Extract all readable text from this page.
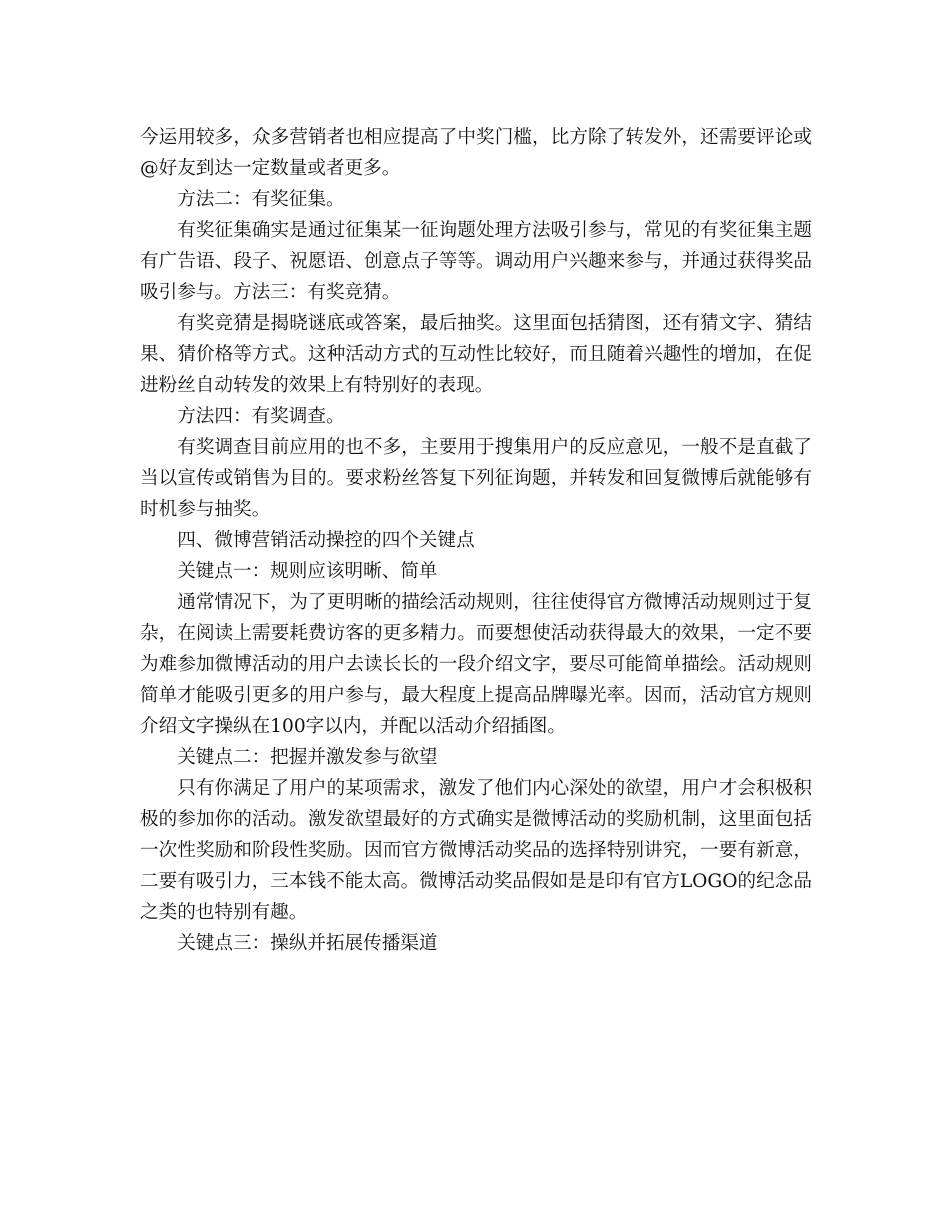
今运用较多，众多营销者也相应提高了中奖门槛，比方除了转发外，还需要评论或@好友到达一定数量或者更多。

方法二：有奖征集。

有奖征集确实是通过征集某一征询题处理方法吸引参与，常见的有奖征集主题有广告语、段子、祝愿语、创意点子等等。调动用户兴趣来参与，并通过获得奖品吸引参与。方法三：有奖竞猜。

有奖竞猜是揭晓谜底或答案，最后抽奖。这里面包括猜图，还有猜文字、猜结果、猜价格等方式。这种活动方式的互动性比较好，而且随着兴趣性的增加，在促进粉丝自动转发的效果上有特别好的表现。

方法四：有奖调查。

有奖调查目前应用的也不多，主要用于搜集用户的反应意见，一般不是直截了当以宣传或销售为目的。要求粉丝答复下列征询题，并转发和回复微博后就能够有时机参与抽奖。

四、微博营销活动操控的四个关键点

关键点一：规则应该明晰、简单

通常情况下，为了更明晰的描绘活动规则，往往使得官方微博活动规则过于复杂，在阅读上需要耗费访客的更多精力。而要想使活动获得最大的效果，一定不要为难参加微博活动的用户去读长长的一段介绍文字，要尽可能简单描绘。活动规则简单才能吸引更多的用户参与，最大程度上提高品牌曝光率。因而，活动官方规则介绍文字操纵在100字以内，并配以活动介绍插图。

关键点二：把握并激发参与欲望

只有你满足了用户的某项需求，激发了他们内心深处的欲望，用户才会积极积极的参加你的活动。激发欲望最好的方式确实是微博活动的奖励机制，这里面包括一次性奖励和阶段性奖励。因而官方微博活动奖品的选择特别讲究，一要有新意，二要有吸引力，三本钱不能太高。微博活动奖品假如是是印有官方LOGO的纪念品之类的也特别有趣。

关键点三：操纵并拓展传播渠道
